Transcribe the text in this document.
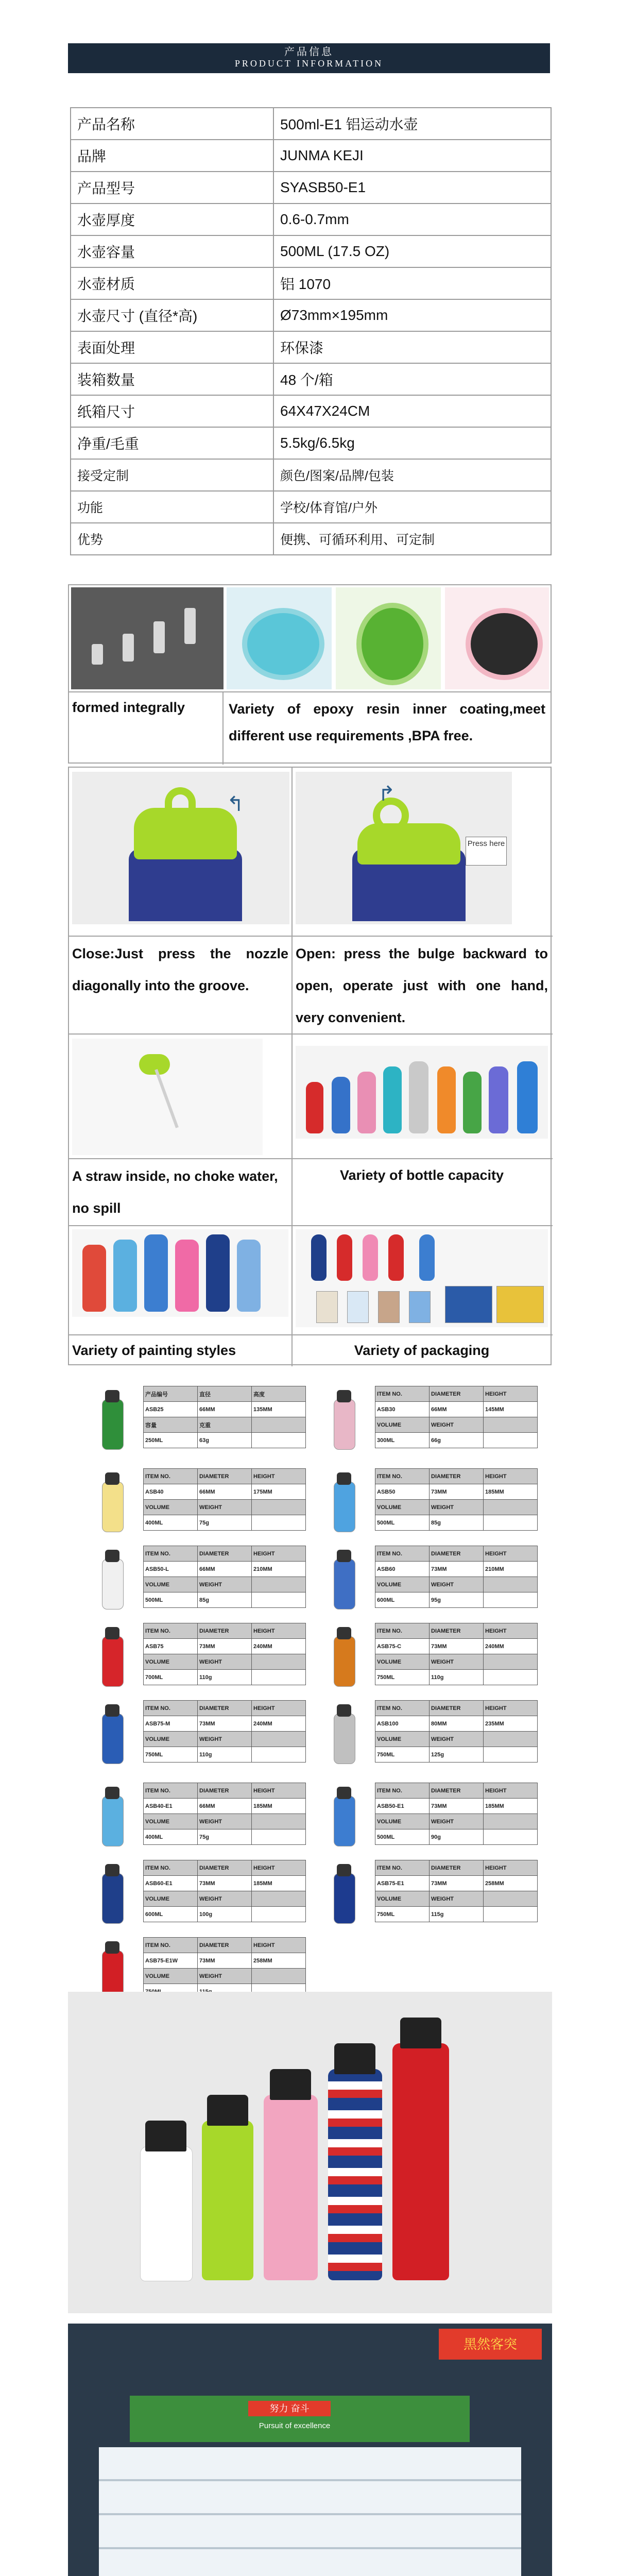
产品信息
PRODUCT INFORMATION
产品名称	500ml-E1 铝运动水壶
品牌	JUNMA KEJI
产品型号	SYASB50-E1
水壶厚度	0.6-0.7mm
水壶容量	500ML (17.5 OZ)
水壶材质	铝 1070
水壶尺寸 (直径*高)	Ø73mm×195mm
表面处理	环保漆
装箱数量	48 个/箱
纸箱尺寸	64X47X24CM
净重/毛重	5.5kg/6.5kg
接受定制	颜色/图案/品牌/包装
功能	学校/体育馆/户外
优势	便携、可循环利用、可定制
formed integrally	Variety of epoxy resin inner coating,meet different use requirements ,BPA free.
↰	↱
Press here
Close:Just press the nozzle diagonally into the groove.
Open: press the bulge backward to open, operate just with one hand, very convenient.
A straw inside, no choke water, no spill
Variety of bottle capacity
Variety of painting styles	Variety of packaging
产品编号	直径	高度
ASB25	66MM	135MM
容量	克重	
250ML	63g	
ITEM NO.	DIAMETER	HEIGHT
ASB30	66MM	145MM
VOLUME	WEIGHT	
300ML	66g	
ITEM NO.	DIAMETER	HEIGHT
ASB40	66MM	175MM
VOLUME	WEIGHT	
400ML	75g	
ITEM NO.	DIAMETER	HEIGHT
ASB50	73MM	185MM
VOLUME	WEIGHT	
500ML	85g	
ITEM NO.	DIAMETER	HEIGHT
ASB50-L	66MM	210MM
VOLUME	WEIGHT	
500ML	85g	
ITEM NO.	DIAMETER	HEIGHT
ASB60	73MM	210MM
VOLUME	WEIGHT	
600ML	95g	
ITEM NO.	DIAMETER	HEIGHT
ASB75	73MM	240MM
VOLUME	WEIGHT	
700ML	110g	
ITEM NO.	DIAMETER	HEIGHT
ASB75-C	73MM	240MM
VOLUME	WEIGHT	
750ML	110g	
ITEM NO.	DIAMETER	HEIGHT
ASB75-M	73MM	240MM
VOLUME	WEIGHT	
750ML	110g	
ITEM NO.	DIAMETER	HEIGHT
ASB100	80MM	235MM
VOLUME	WEIGHT	
750ML	125g	
ITEM NO.	DIAMETER	HEIGHT
ASB40-E1	66MM	185MM
VOLUME	WEIGHT	
400ML	75g	
ITEM NO.	DIAMETER	HEIGHT
ASB50-E1	73MM	185MM
VOLUME	WEIGHT	
500ML	90g	
ITEM NO.	DIAMETER	HEIGHT
ASB60-E1	73MM	185MM
VOLUME	WEIGHT	
600ML	100g	
ITEM NO.	DIAMETER	HEIGHT
ASB75-E1	73MM	258MM
VOLUME	WEIGHT	
750ML	115g	
ITEM NO.	DIAMETER	HEIGHT
ASB75-E1W	73MM	258MM
VOLUME	WEIGHT	

努力 奋斗
Pursuit of excellence
黑然客突
